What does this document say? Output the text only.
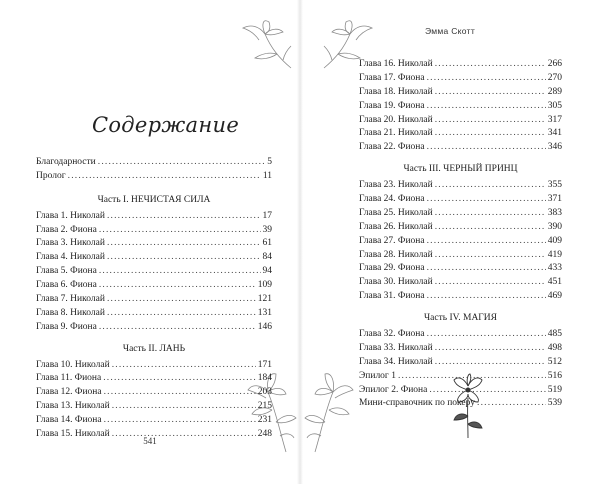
Эмма Скотт
Содержание
Благодарности .....	5
Пролог .....	11
Часть I. НЕЧИСТАЯ СИЛА
Глава 1. Николай .....	17
Глава 2. Фиона .....	39
Глава 3. Николай .....	61
Глава 4. Николай .....	84
Глава 5. Фиона .....	94
Глава 6. Фиона .....	109
Глава 7. Николай .....	121
Глава 8. Николай .....	131
Глава 9. Фиона .....	146
Часть II. ЛАНЬ
Глава 10. Николай .....	171
Глава 11. Фиона .....	184
Глава 12. Фиона .....	203
Глава 13. Николай .....	215
Глава 14. Фиона .....	231
Глава 15. Николай .....	248
Глава 16. Николай .....	266
Глава 17. Фиона .....	270
Глава 18. Николай .....	289
Глава 19. Фиона .....	305
Глава 20. Николай .....	317
Глава 21. Николай .....	341
Глава 22. Фиона .....	346
Часть III. ЧЕРНЫЙ ПРИНЦ
Глава 23. Николай .....	355
Глава 24. Фиона .....	371
Глава 25. Николай .....	383
Глава 26. Николай .....	390
Глава 27. Фиона .....	409
Глава 28. Николай .....	419
Глава 29. Фиона .....	433
Глава 30. Николай .....	451
Глава 31. Фиона .....	469
Часть IV. МАГИЯ
Глава 32. Фиона .....	485
Глава 33. Николай .....	498
Глава 34. Николай .....	512
Эпилог 1 .....	516
Эпилог 2. Фиона .....	519
Мини-справочник по покеру .....	539
541
